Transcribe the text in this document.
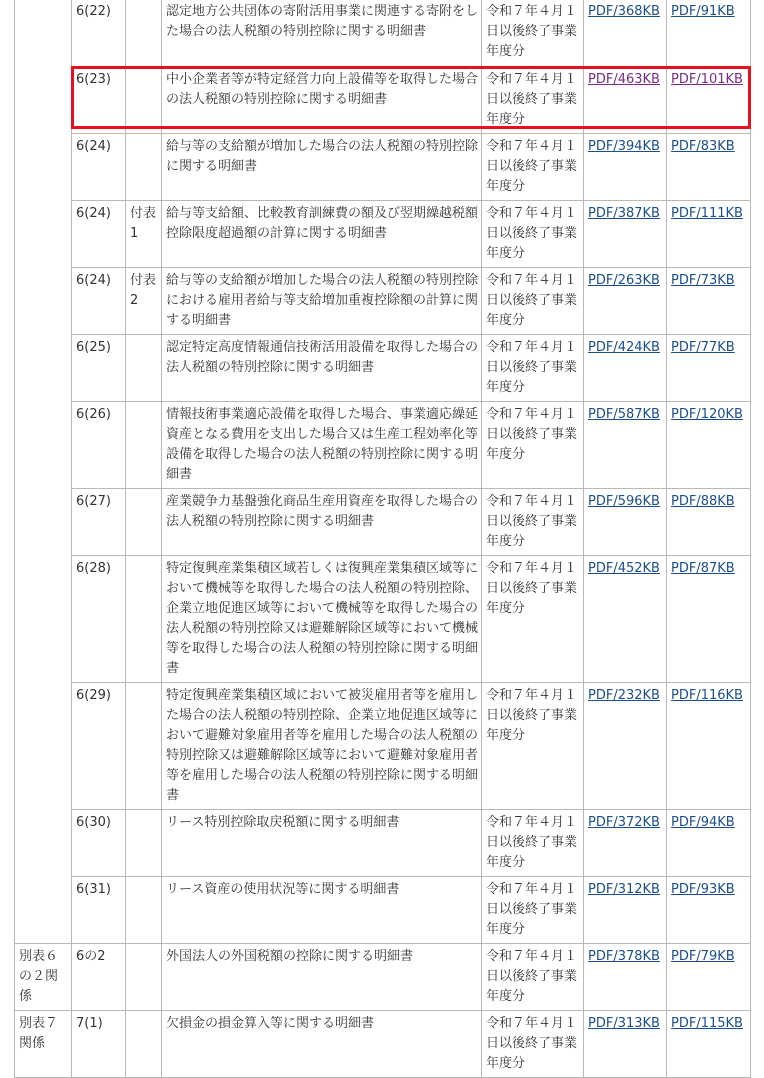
	6(22)		認定地方公共団体の寄附活用事業に関連する寄附をした場合の法人税額の特別控除に関する明細書	令和７年４月１日以後終了事業年度分	PDF/368KB	PDF/91KB
	6(23)		中小企業者等が特定経営力向上設備等を取得した場合の法人税額の特別控除に関する明細書	令和７年４月１日以後終了事業年度分	PDF/463KB	PDF/101KB
	6(24)		給与等の支給額が増加した場合の法人税額の特別控除に関する明細書	令和７年４月１日以後終了事業年度分	PDF/394KB	PDF/83KB
	6(24)	付表1	給与等支給額、比較教育訓練費の額及び翌期繰越税額控除限度超過額の計算に関する明細書	令和７年４月１日以後終了事業年度分	PDF/387KB	PDF/111KB
	6(24)	付表2	給与等の支給額が増加した場合の法人税額の特別控除における雇用者給与等支給増加重複控除額の計算に関する明細書	令和７年４月１日以後終了事業年度分	PDF/263KB	PDF/73KB
	6(25)		認定特定高度情報通信技術活用設備を取得した場合の法人税額の特別控除に関する明細書	令和７年４月１日以後終了事業年度分	PDF/424KB	PDF/77KB
	6(26)		情報技術事業適応設備を取得した場合、事業適応繰延資産となる費用を支出した場合又は生産工程効率化等設備を取得した場合の法人税額の特別控除に関する明細書	令和７年４月１日以後終了事業年度分	PDF/587KB	PDF/120KB
	6(27)		産業競争力基盤強化商品生産用資産を取得した場合の法人税額の特別控除に関する明細書	令和７年４月１日以後終了事業年度分	PDF/596KB	PDF/88KB
	6(28)		特定復興産業集積区域若しくは復興産業集積区域等において機械等を取得した場合の法人税額の特別控除、企業立地促進区域等において機械等を取得した場合の法人税額の特別控除又は避難解除区域等において機械等を取得した場合の法人税額の特別控除に関する明細書	令和７年４月１日以後終了事業年度分	PDF/452KB	PDF/87KB
	6(29)		特定復興産業集積区域において被災雇用者等を雇用した場合の法人税額の特別控除、企業立地促進区域等において避難対象雇用者等を雇用した場合の法人税額の特別控除又は避難解除区域等において避難対象雇用者等を雇用した場合の法人税額の特別控除に関する明細書	令和７年４月１日以後終了事業年度分	PDF/232KB	PDF/116KB
	6(30)		リース特別控除取戻税額に関する明細書	令和７年４月１日以後終了事業年度分	PDF/372KB	PDF/94KB
	6(31)		リース資産の使用状況等に関する明細書	令和７年４月１日以後終了事業年度分	PDF/312KB	PDF/93KB
別表６の２関係	6の2		外国法人の外国税額の控除に関する明細書	令和７年４月１日以後終了事業年度分	PDF/378KB	PDF/79KB
別表７関係	7(1)		欠損金の損金算入等に関する明細書	令和７年４月１日以後終了事業年度分	PDF/313KB	PDF/115KB
